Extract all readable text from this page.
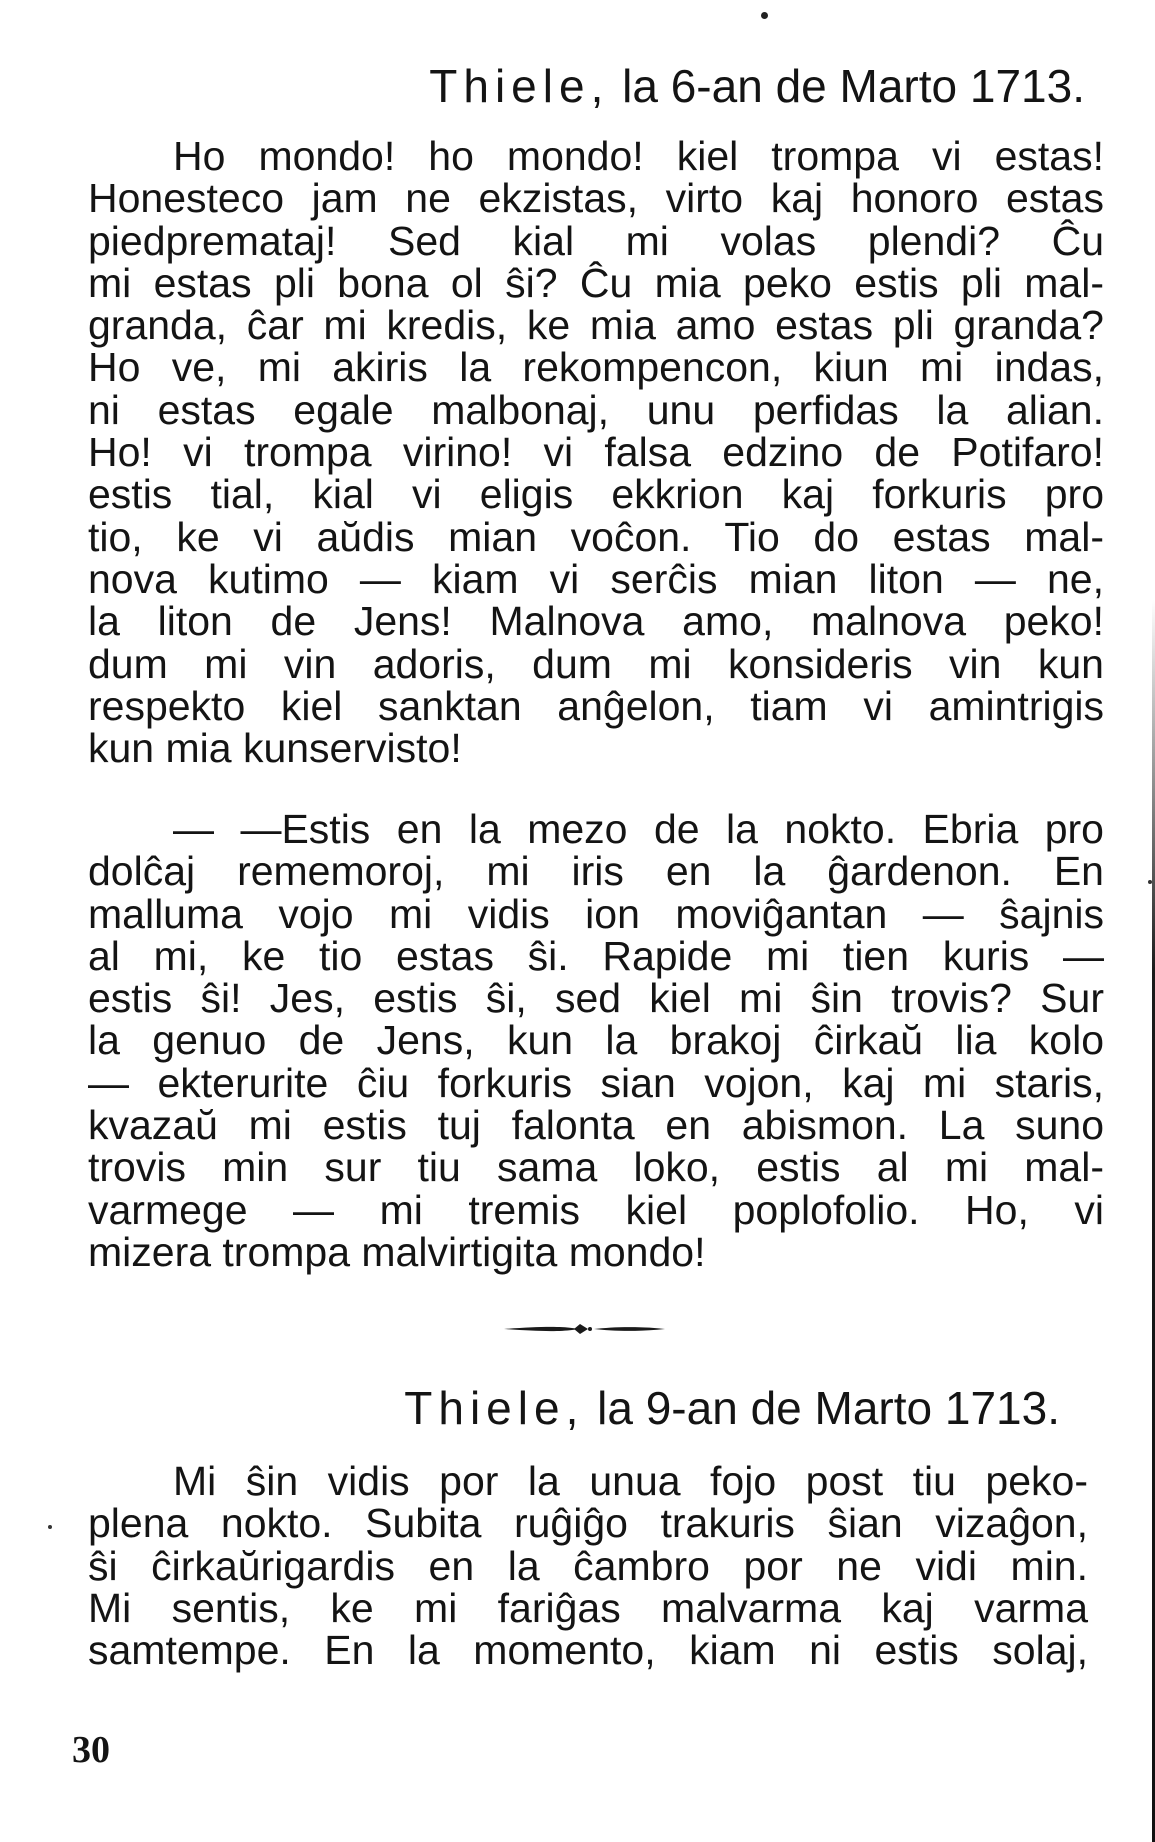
Thiele, la 6-an de Marto 1713.
Ho mondo! ho mondo! kiel trompa vi estas!
Honesteco jam ne ekzistas, virto kaj honoro estas
piedpremataj! Sed kial mi volas plendi? Ĉu
mi estas pli bona ol ŝi? Ĉu mia peko estis pli mal-
granda, ĉar mi kredis, ke mia amo estas pli granda?
Ho ve, mi akiris la rekompencon, kiun mi indas,
ni estas egale malbonaj, unu perfidas la alian.
Ho! vi trompa virino! vi falsa edzino de Potifaro!
estis tial, kial vi eligis ekkrion kaj forkuris pro
tio, ke vi aŭdis mian voĉon. Tio do estas mal-
nova kutimo — kiam vi serĉis mian liton — ne,
la liton de Jens! Malnova amo, malnova peko!
dum mi vin adoris, dum mi konsideris vin kun
respekto kiel sanktan anĝelon, tiam vi amintrigis
kun mia kunservisto!
— —Estis en la mezo de la nokto. Ebria pro
dolĉaj rememoroj, mi iris en la ĝardenon. En
malluma vojo mi vidis ion moviĝantan — ŝajnis
al mi, ke tio estas ŝi. Rapide mi tien kuris —
estis ŝi! Jes, estis ŝi, sed kiel mi ŝin trovis? Sur
la genuo de Jens, kun la brakoj ĉirkaŭ lia kolo
— ekterurite ĉiu forkuris sian vojon, kaj mi staris,
kvazaŭ mi estis tuj falonta en abismon. La suno
trovis min sur tiu sama loko, estis al mi mal-
varmege — mi tremis kiel poplofolio. Ho, vi
mizera trompa malvirtigita mondo!
Thiele, la 9-an de Marto 1713.
Mi ŝin vidis por la unua fojo post tiu peko-
plena nokto. Subita ruĝiĝo trakuris ŝian vizaĝon,
ŝi ĉirkaŭrigardis en la ĉambro por ne vidi min.
Mi sentis, ke mi fariĝas malvarma kaj varma
samtempe. En la momento, kiam ni estis solaj,
30
